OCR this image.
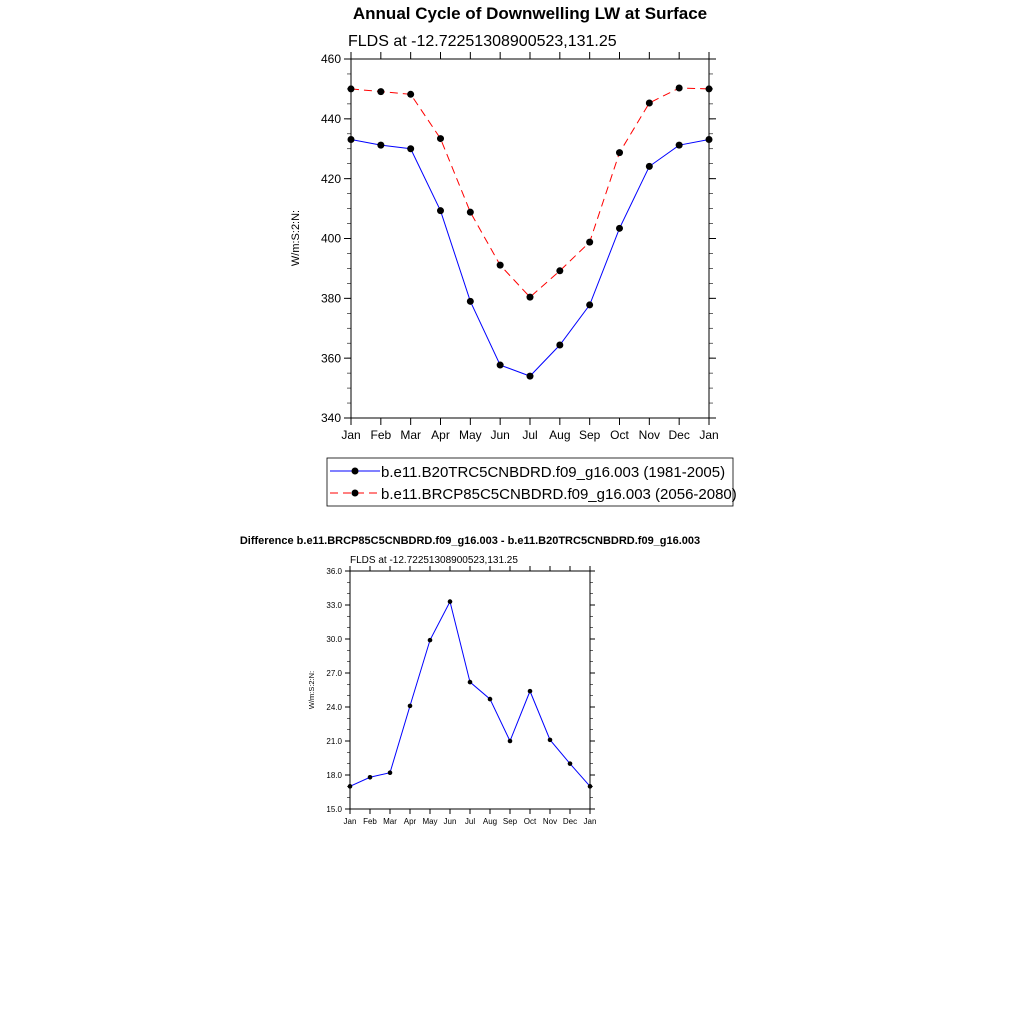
Annual Cycle of Downwelling LW at Surface
FLDS at -12.72251308900523,131.25
W/m:S:2:N:
Jan Feb Mar Apr May Jun Jul Aug Sep Oct Nov Dec Jan
340
360
380
400
420
440
460
b.e11.B20TRC5CNBDRD.f09_g16.003 (1981-2005)
b.e11.BRCP85C5CNBDRD.f09_g16.003 (2056-2080)
Difference b.e11.BRCP85C5CNBDRD.f09_g16.003 - b.e11.B20TRC5CNBDRD.f09_g16.003
FLDS at -12.72251308900523,131.25
W/m:S:2:N:
Jan Feb Mar Apr May Jun Jul Aug Sep Oct Nov Dec Jan
15.0
18.0
21.0
24.0
27.0
30.0
33.0
36.0
